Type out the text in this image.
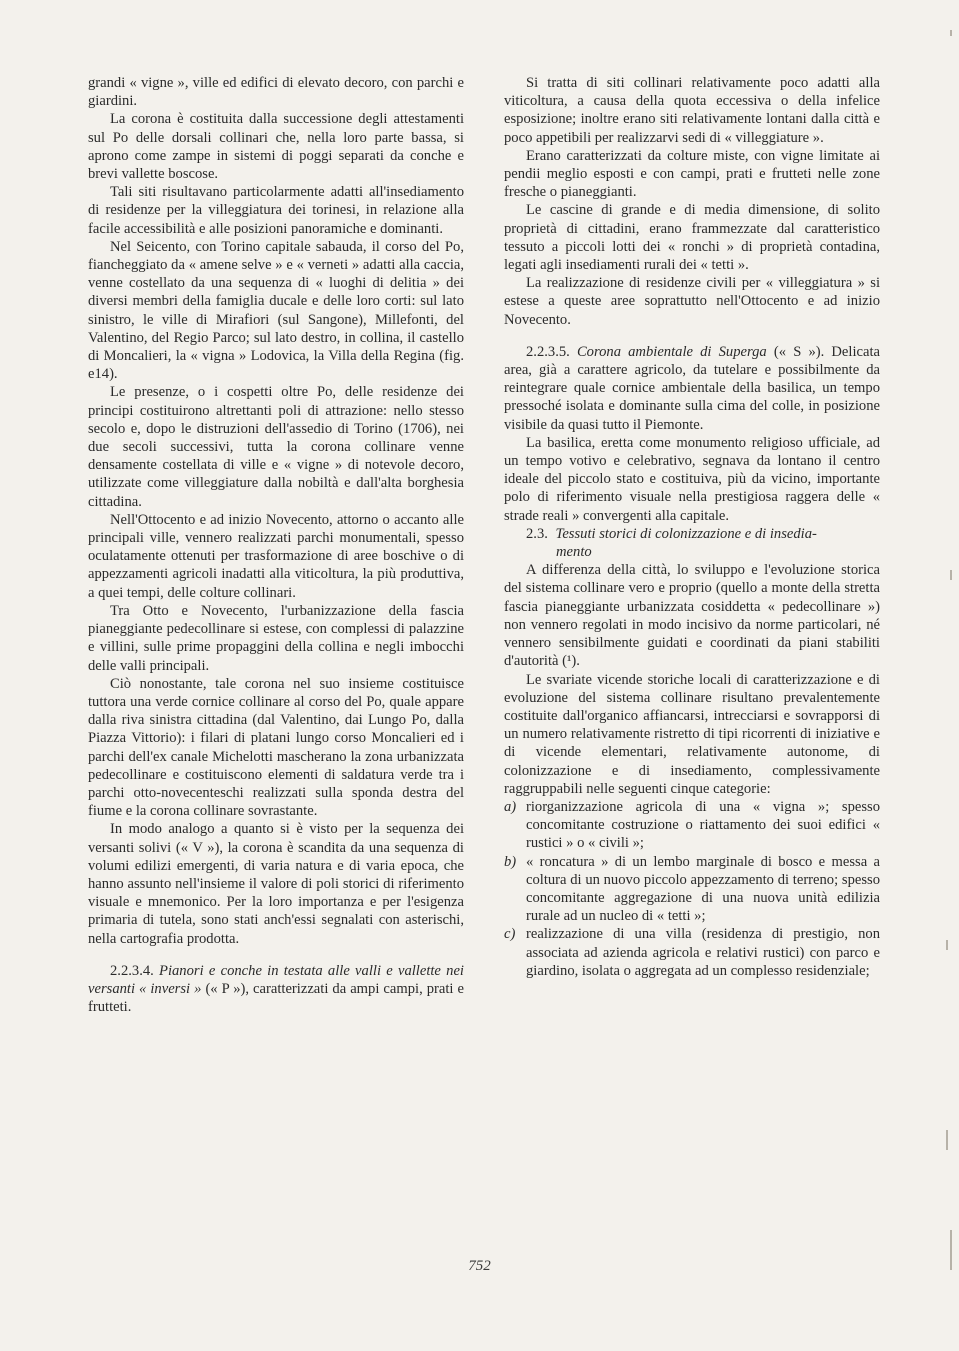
grandi « vigne », ville ed edifici di elevato decoro, con parchi e giardini.

La corona è costituita dalla successione degli attestamenti sul Po delle dorsali collinari che, nella loro parte bassa, si aprono come zampe in sistemi di poggi separati da conche e brevi vallette boscose.

Tali siti risultavano particolarmente adatti all'insediamento di residenze per la villeggiatura dei torinesi, in relazione alla facile accessibilità e alle posizioni panoramiche e dominanti.

Nel Seicento, con Torino capitale sabauda, il corso del Po, fiancheggiato da « amene selve » e « verneti » adatti alla caccia, venne costellato da una sequenza di « luoghi di delitia » dei diversi membri della famiglia ducale e delle loro corti: sul lato sinistro, le ville di Mirafiori (sul Sangone), Millefonti, del Valentino, del Regio Parco; sul lato destro, in collina, il castello di Moncalieri, la « vigna » Lodovica, la Villa della Regina (fig. e14).

Le presenze, o i cospetti oltre Po, delle residenze dei principi costituirono altrettanti poli di attrazione: nello stesso secolo e, dopo le distruzioni dell'assedio di Torino (1706), nei due secoli successivi, tutta la corona collinare venne densamente costellata di ville e « vigne » di notevole decoro, utilizzate come villeggiature dalla nobiltà e dall'alta borghesia cittadina.

Nell'Ottocento e ad inizio Novecento, attorno o accanto alle principali ville, vennero realizzati parchi monumentali, spesso oculatamente ottenuti per trasformazione di aree boschive o di appezzamenti agricoli inadatti alla viticoltura, la più produttiva, a quei tempi, delle colture collinari.

Tra Otto e Novecento, l'urbanizzazione della fascia pianeggiante pedecollinare si estese, con complessi di palazzine e villini, sulle prime propaggini della collina e negli imbocchi delle valli principali.

Ciò nonostante, tale corona nel suo insieme costituisce tuttora una verde cornice collinare al corso del Po, quale appare dalla riva sinistra cittadina (dal Valentino, dai Lungo Po, dalla Piazza Vittorio): i filari di platani lungo corso Moncalieri ed i parchi dell'ex canale Michelotti mascherano la zona urbanizzata pedecollinare e costituiscono elementi di saldatura verde tra i parchi otto-novecenteschi realizzati sulla sponda destra del fiume e la corona collinare sovrastante.

In modo analogo a quanto si è visto per la sequenza dei versanti solivi (« V »), la corona è scandita da una sequenza di volumi edilizi emergenti, di varia natura e di varia epoca, che hanno assunto nell'insieme il valore di poli storici di riferimento visuale e mnemonico. Per la loro importanza e per l'esigenza primaria di tutela, sono stati anch'essi segnalati con asterischi, nella cartografia prodotta.

2.2.3.4. Pianori e conche in testata alle valli e vallette nei versanti « inversi » (« P »), caratterizzati da ampi campi, prati e frutteti.

Si tratta di siti collinari relativamente poco adatti alla viticoltura, a causa della quota eccessiva o della infelice esposizione; inoltre erano siti relativamente lontani dalla città e poco appetibili per realizzarvi sedi di « villeggiature ».

Erano caratterizzati da colture miste, con vigne limitate ai pendii meglio esposti e con campi, prati e frutteti nelle zone fresche o pianeggianti.

Le cascine di grande e di media dimensione, di solito proprietà di cittadini, erano frammezzate dal caratteristico tessuto a piccoli lotti dei « ronchi » di proprietà contadina, legati agli insediamenti rurali dei « tetti ».

La realizzazione di residenze civili per « villeggiatura » si estese a queste aree soprattutto nell'Ottocento e ad inizio Novecento.

2.2.3.5. Corona ambientale di Superga (« S »). Delicata area, già a carattere agricolo, da tutelare e possibilmente da reintegrare quale cornice ambientale della basilica, un tempo pressoché isolata e dominante sulla cima del colle, in posizione visibile da quasi tutto il Piemonte.

La basilica, eretta come monumento religioso ufficiale, ad un tempo votivo e celebrativo, segnava da lontano il centro ideale del piccolo stato e costituiva, più da vicino, importante polo di riferimento visuale nella prestigiosa raggera delle « strade reali » convergenti alla capitale.

2.3. Tessuti storici di colonizzazione e di insedia-
mento

A differenza della città, lo sviluppo e l'evoluzione storica del sistema collinare vero e proprio (quello a monte della stretta fascia pianeggiante urbanizzata cosiddetta « pedecollinare ») non vennero regolati in modo incisivo da norme particolari, né vennero sensibilmente guidati e coordinati da piani stabiliti d'autorità (¹).

Le svariate vicende storiche locali di caratterizzazione e di evoluzione del sistema collinare risultano prevalentemente costituite dall'organico affiancarsi, intrecciarsi e sovrapporsi di un numero relativamente ristretto di tipi ricorrenti di iniziative e di vicende elementari, relativamente autonome, di colonizzazione e di insediamento, complessivamente raggruppabili nelle seguenti cinque categorie:

a) riorganizzazione agricola di una « vigna »; spesso concomitante costruzione o riattamento dei suoi edifici « rustici » o « civili »;
b) « roncatura » di un lembo marginale di bosco e messa a coltura di un nuovo piccolo appezzamento di terreno; spesso concomitante aggregazione di una nuova unità edilizia rurale ad un nucleo di « tetti »;
c) realizzazione di una villa (residenza di prestigio, non associata ad azienda agricola e relativi rustici) con parco e giardino, isolata o aggregata ad un complesso residenziale;
752
